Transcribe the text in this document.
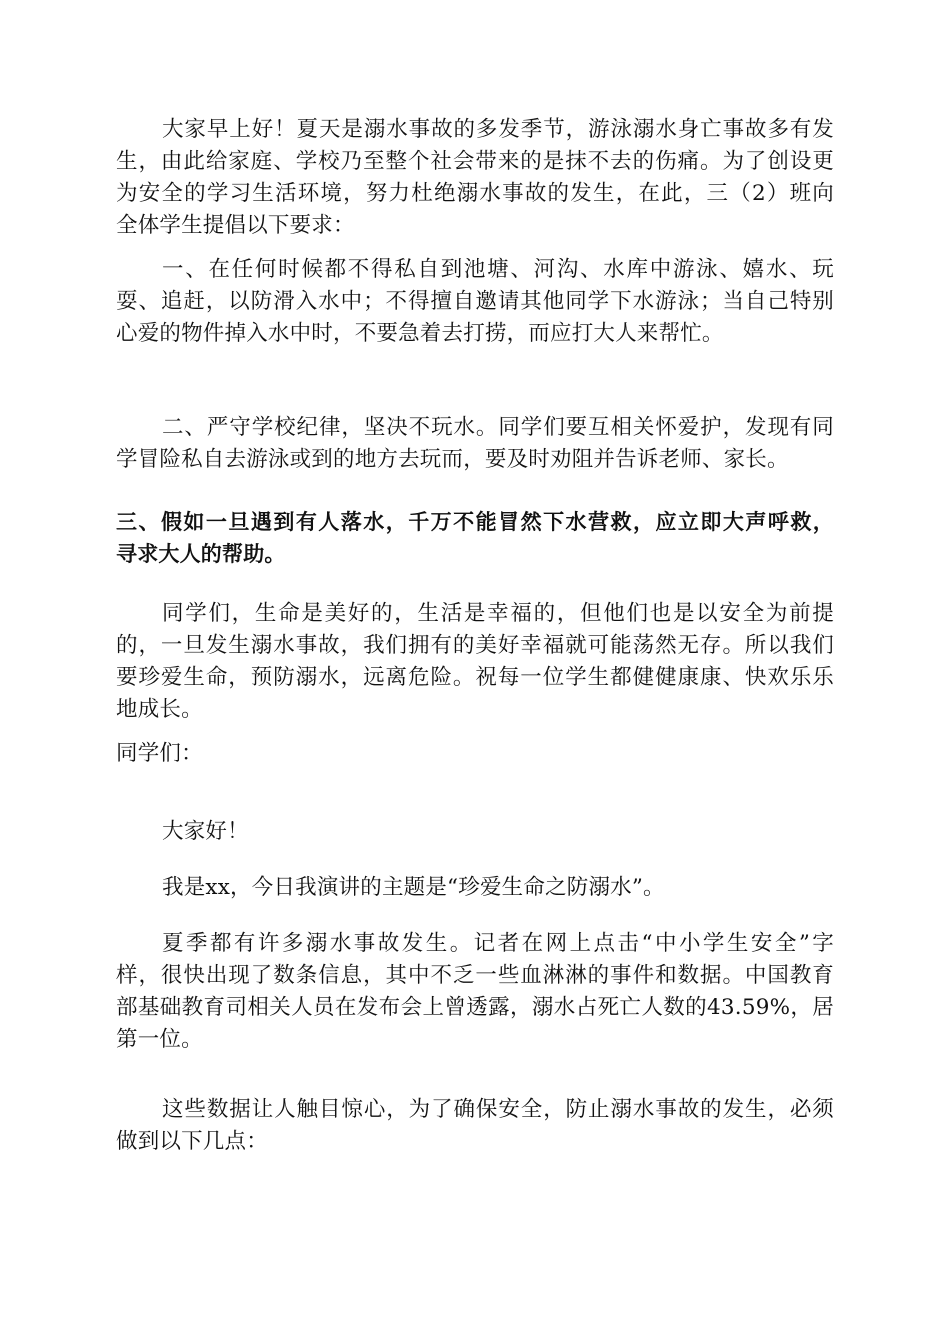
大家早上好！夏天是溺水事故的多发季节，游泳溺水身亡事故多有发
生，由此给家庭、学校乃至整个社会带来的是抹不去的伤痛。为了创设更
为安全的学习生活环境，努力杜绝溺水事故的发生，在此，三（2）班向
全体学生提倡以下要求：

一、在任何时候都不得私自到池塘、河沟、水库中游泳、嬉水、玩
耍、追赶，以防滑入水中；不得擅自邀请其他同学下水游泳；当自己特别
心爱的物件掉入水中时，不要急着去打捞，而应打大人来帮忙。

二、严守学校纪律，坚决不玩水。同学们要互相关怀爱护，发现有同
学冒险私自去游泳或到的地方去玩而，要及时劝阻并告诉老师、家长。

三、假如一旦遇到有人落水，千万不能冒然下水营救，应立即大声呼救，
寻求大人的帮助。

同学们，生命是美好的，生活是幸福的，但他们也是以安全为前提
的，一旦发生溺水事故，我们拥有的美好幸福就可能荡然无存。所以我们
要珍爱生命，预防溺水，远离危险。祝每一位学生都健健康康、快欢乐乐
地成长。

同学们：

大家好！

我是xx，今日我演讲的主题是“珍爱生命之防溺水”。

夏季都有许多溺水事故发生。记者在网上点击“中小学生安全”字
样，很快出现了数条信息，其中不乏一些血淋淋的事件和数据。中国教育
部基础教育司相关人员在发布会上曾透露，溺水占死亡人数的43.59%，居
第一位。

这些数据让人触目惊心，为了确保安全，防止溺水事故的发生，必须
做到以下几点：
